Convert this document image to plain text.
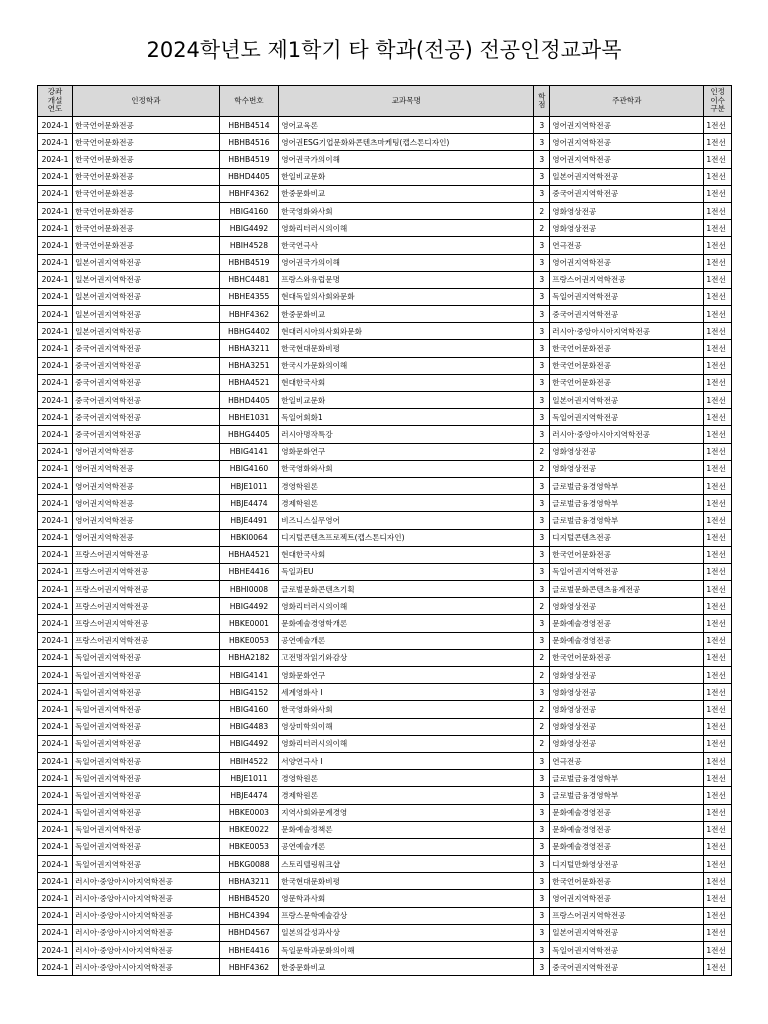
2024학년도 제1학기 타 학과(전공) 전공인정교과목
강좌
개설
연도	인정학과	학수번호	교과목명	학
점	주관학과	인정
이수
구분
2024-1	한국언어문화전공	HBHB4514	영어교육론	3	영어권지역학전공	1전선
2024-1	한국언어문화전공	HBHB4516	영어권ESG기업문화와콘텐츠마케팅(캡스톤디자인)	3	영어권지역학전공	1전선
2024-1	한국언어문화전공	HBHB4519	영어권국가의이해	3	영어권지역학전공	1전선
2024-1	한국언어문화전공	HBHD4405	한일비교문화	3	일본어권지역학전공	1전선
2024-1	한국언어문화전공	HBHF4362	한중문화비교	3	중국어권지역학전공	1전선
2024-1	한국언어문화전공	HBIG4160	한국영화와사회	2	영화영상전공	1전선
2024-1	한국언어문화전공	HBIG4492	영화리터러시의이해	2	영화영상전공	1전선
2024-1	한국언어문화전공	HBIH4528	한국연극사	3	연극전공	1전선
2024-1	일본어권지역학전공	HBHB4519	영어권국가의이해	3	영어권지역학전공	1전선
2024-1	일본어권지역학전공	HBHC4481	프랑스와유럽문명	3	프랑스어권지역학전공	1전선
2024-1	일본어권지역학전공	HBHE4355	현대독일의사회와문화	3	독일어권지역학전공	1전선
2024-1	일본어권지역학전공	HBHF4362	한중문화비교	3	중국어권지역학전공	1전선
2024-1	일본어권지역학전공	HBHG4402	현대러시아의사회와문화	3	러시아·중앙아시아지역학전공	1전선
2024-1	중국어권지역학전공	HBHA3211	한국현대문화비평	3	한국언어문화전공	1전선
2024-1	중국어권지역학전공	HBHA3251	한국시가문화의이해	3	한국언어문화전공	1전선
2024-1	중국어권지역학전공	HBHA4521	현대한국사회	3	한국언어문화전공	1전선
2024-1	중국어권지역학전공	HBHD4405	한일비교문화	3	일본어권지역학전공	1전선
2024-1	중국어권지역학전공	HBHE1031	독일어회화1	3	독일어권지역학전공	1전선
2024-1	중국어권지역학전공	HBHG4405	러시아명작특강	3	러시아·중앙아시아지역학전공	1전선
2024-1	영어권지역학전공	HBIG4141	영화문화연구	2	영화영상전공	1전선
2024-1	영어권지역학전공	HBIG4160	한국영화와사회	2	영화영상전공	1전선
2024-1	영어권지역학전공	HBJE1011	경영학원론	3	글로벌금융경영학부	1전선
2024-1	영어권지역학전공	HBJE4474	경제학원론	3	글로벌금융경영학부	1전선
2024-1	영어권지역학전공	HBJE4491	비즈니스실무영어	3	글로벌금융경영학부	1전선
2024-1	영어권지역학전공	HBKI0064	디지털콘텐츠프로젝트(캡스톤디자인)	3	디지털콘텐츠전공	1전선
2024-1	프랑스어권지역학전공	HBHA4521	현대한국사회	3	한국언어문화전공	1전선
2024-1	프랑스어권지역학전공	HBHE4416	독일과EU	3	독일어권지역학전공	1전선
2024-1	프랑스어권지역학전공	HBHI0008	글로벌문화콘텐츠기획	3	글로벌문화콘텐츠융계전공	1전선
2024-1	프랑스어권지역학전공	HBIG4492	영화리터러시의이해	2	영화영상전공	1전선
2024-1	프랑스어권지역학전공	HBKE0001	문화예술경영학개론	3	문화예술경영전공	1전선
2024-1	프랑스어권지역학전공	HBKE0053	공연예술개론	3	문화예술경영전공	1전선
2024-1	독일어권지역학전공	HBHA2182	고전명작읽기와감상	2	한국언어문화전공	1전선
2024-1	독일어권지역학전공	HBIG4141	영화문화연구	2	영화영상전공	1전선
2024-1	독일어권지역학전공	HBIG4152	세계영화사 I	3	영화영상전공	1전선
2024-1	독일어권지역학전공	HBIG4160	한국영화와사회	2	영화영상전공	1전선
2024-1	독일어권지역학전공	HBIG4483	영상미학의이해	2	영화영상전공	1전선
2024-1	독일어권지역학전공	HBIG4492	영화리터러시의이해	2	영화영상전공	1전선
2024-1	독일어권지역학전공	HBIH4522	서양연극사 I	3	연극전공	1전선
2024-1	독일어권지역학전공	HBJE1011	경영학원론	3	글로벌금융경영학부	1전선
2024-1	독일어권지역학전공	HBJE4474	경제학원론	3	글로벌금융경영학부	1전선
2024-1	독일어권지역학전공	HBKE0003	지역사회와문계경영	3	문화예술경영전공	1전선
2024-1	독일어권지역학전공	HBKE0022	문화예술정책론	3	문화예술경영전공	1전선
2024-1	독일어권지역학전공	HBKE0053	공연예술개론	3	문화예술경영전공	1전선
2024-1	독일어권지역학전공	HBKG0088	스토리텔링워크샵	3	디지털만화영상전공	1전선
2024-1	러시아·중앙아시아지역학전공	HBHA3211	한국현대문화비평	3	한국언어문화전공	1전선
2024-1	러시아·중앙아시아지역학전공	HBHB4520	영문학과사회	3	영어권지역학전공	1전선
2024-1	러시아·중앙아시아지역학전공	HBHC4394	프랑스문학예술감상	3	프랑스어권지역학전공	1전선
2024-1	러시아·중앙아시아지역학전공	HBHD4567	일본의갈성과사상	3	일본어권지역학전공	1전선
2024-1	러시아·중앙아시아지역학전공	HBHE4416	독일문학과문화의이해	3	독일어권지역학전공	1전선
2024-1	러시아·중앙아시아지역학전공	HBHF4362	한중문화비교	3	중국어권지역학전공	1전선
